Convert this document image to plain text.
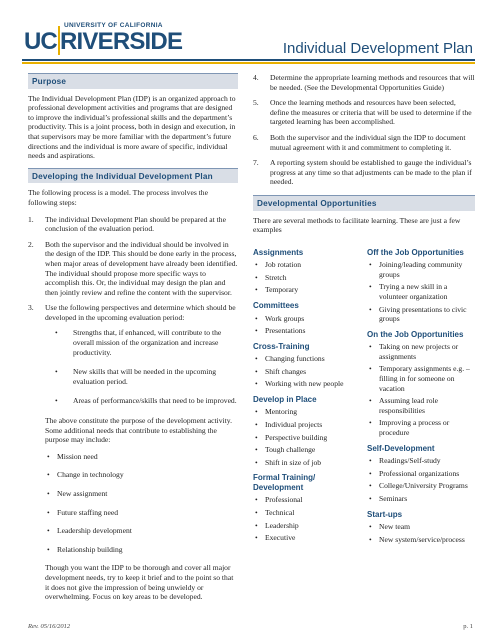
UNIVERSITY OF CALIFORNIA
UC RIVERSIDE	Individual Development Plan
Purpose

The Individual Development Plan (IDP) is an organized approach to professional development activities and programs that are designed to improve the individual’s professional skills and the department’s productivity. This is a joint process, both in design and execution, in that supervisors may be more familiar with the department’s future directions and the individual is more aware of specific, individual needs and aspirations.

Developing the Individual Development Plan

The following process is a model. The process involves the following steps:

1. The individual Development Plan should be prepared at the conclusion of the evaluation period.
2. Both the supervisor and the individual should be involved in the design of the IDP. This should be done early in the process, when major areas of development have already been identified. The individual should propose more specific ways to accomplish this. Or, the individual may design the plan and then jointly review and refine the content with the supervisor.
3. Use the following perspectives and determine which should be developed in the upcoming evaluation period:
• Strengths that, if enhanced, will contribute to the overall mission of the organization and increase productivity.
• New skills that will be needed in the upcoming evaluation period.
• Areas of performance/skills that need to be improved.

The above constitute the purpose of the development activity. Some additional needs that contribute to establishing the purpose may include:

• Mission need
• Change in technology
• New assignment
• Future staffing need
• Leadership development
• Relationship building

Though you want the IDP to be thorough and cover all major development needs, try to keep it brief and to the point so that it does not give the impression of being unwieldy or overwhelming. Focus on key areas to be developed.

4. Determine the appropriate learning methods and resources that will be needed. (See the Developmental Opportunities Guide)
5. Once the learning methods and resources have been selected, define the measures or criteria that will be used to determine if the targeted learning has been accomplished.
6. Both the supervisor and the individual sign the IDP to document mutual agreement with it and commitment to completing it.
7. A reporting system should be established to gauge the individual’s progress at any time so that adjustments can be made to the plan if needed.
Developmental Opportunities

There are several methods to facilitate learning. These are just a few examples

Assignments
• Job rotation
• Stretch
• Temporary
Committees
• Work groups
• Presentations
Cross-Training
• Changing functions
• Shift changes
• Working with new people
Develop in Place
• Mentoring
• Individual projects
• Perspective building
• Tough challenge
• Shift in size of job
Formal Training/ Development
• Professional
• Technical
• Leadership
• Executive
Off the Job Opportunities
• Joining/leading community groups
• Trying a new skill in a volunteer organization
• Giving presentations to civic groups
On the Job Opportunities
• Taking on new projects or assignments
• Temporary assignments e.g. – filling in for someone on vacation
• Assuming lead role responsibilities
• Improving a process or procedure
Self-Development
• Readings/Self-study
• Professional organizations
• College/University Programs
• Seminars
Start-ups
• New team
• New system/service/process
Rev. 05/16/2012	p. 1
